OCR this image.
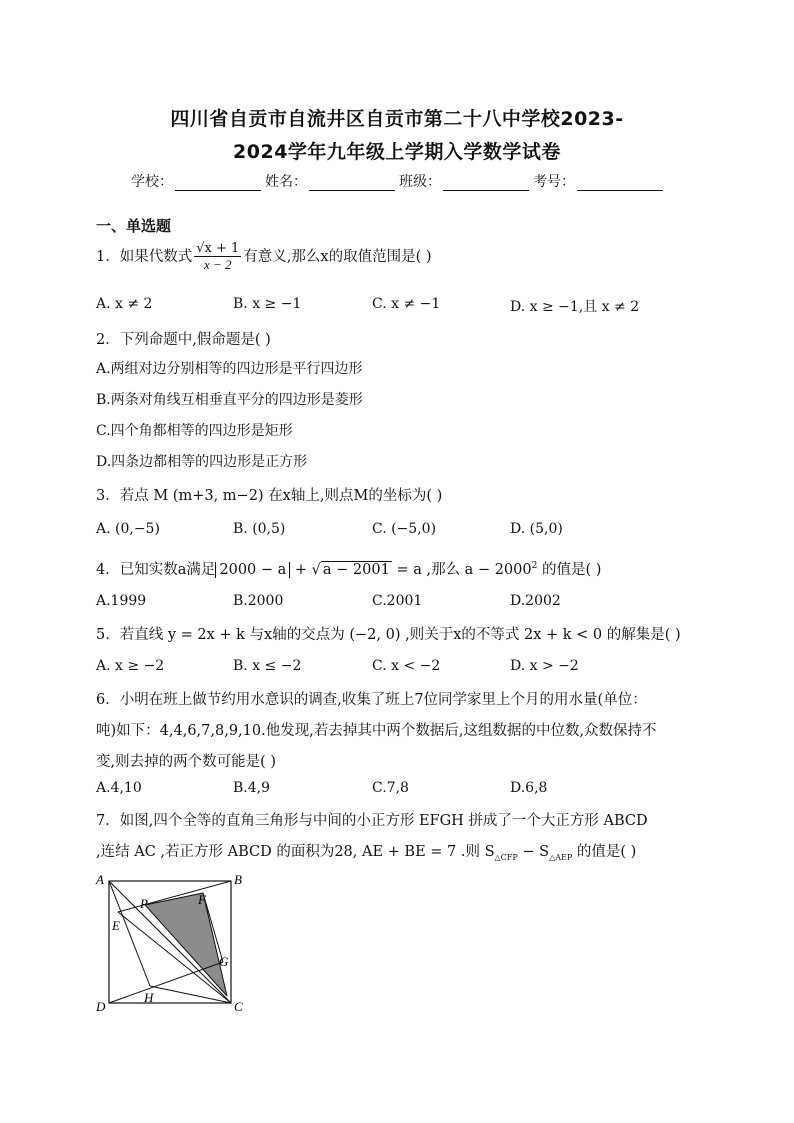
四川省自贡市自流井区自贡市第二十八中学校2023-
2024学年九年级上学期入学数学试卷
学校：	姓名：	班级：	考号：
一、单选题
1．如果代数式 $\frac{√x + 1}{x - 2}$ 有意义,那么x的取值范围是( )
A. x ≠ 2	B. x ≥ −1	C. x ≠ −1	D. x ≥ −1,且 x ≠ 2
2．下列命题中,假命题是( )
A.两组对边分别相等的四边形是平行四边形
B.两条对角线互相垂直平分的四边形是菱形
C.四个角都相等的四边形是矩形
D.四条边都相等的四边形是正方形
3．若点 M (m+3, m−2) 在x轴上,则点M的坐标为( )
A. (0,−5)	B. (0,5)	C. (−5,0)	D. (5,0)
4．已知实数a满足 2000 − a + √ a − 2001 = a ,那么 $a - 2000^2$ 的值是( )
A.1999	B.2000	C.2001	D.2002
5．若直线 y = 2x + k 与x轴的交点为 (−2, 0) ,则关于x的不等式 2x + k < 0 的解集是( )
A. x ≥ −2	B. x ≤ −2	C. x < −2	D. x > −2
6．小明在班上做节约用水意识的调查,收集了班上7位同学家里上个月的用水量(单位：
吨)如下：4,4,6,7,8,9,10.他发现,若去掉其中两个数据后,这组数据的中位数,众数保持不
变,则去掉的两个数可能是( )
A.4,10	B.4,9	C.7,8	D.6,8
7．如图,四个全等的直角三角形与中间的小正方形 EFGH 拼成了一个大正方形 ABCD
,连结 AC ,若正方形 ABCD 的面积为28, AE + BE = 7 .则 $S_{\triangle CFP} - S_{\triangle AEP}$ 的值是( )
A	B
C
D
E
F
G
H
P
